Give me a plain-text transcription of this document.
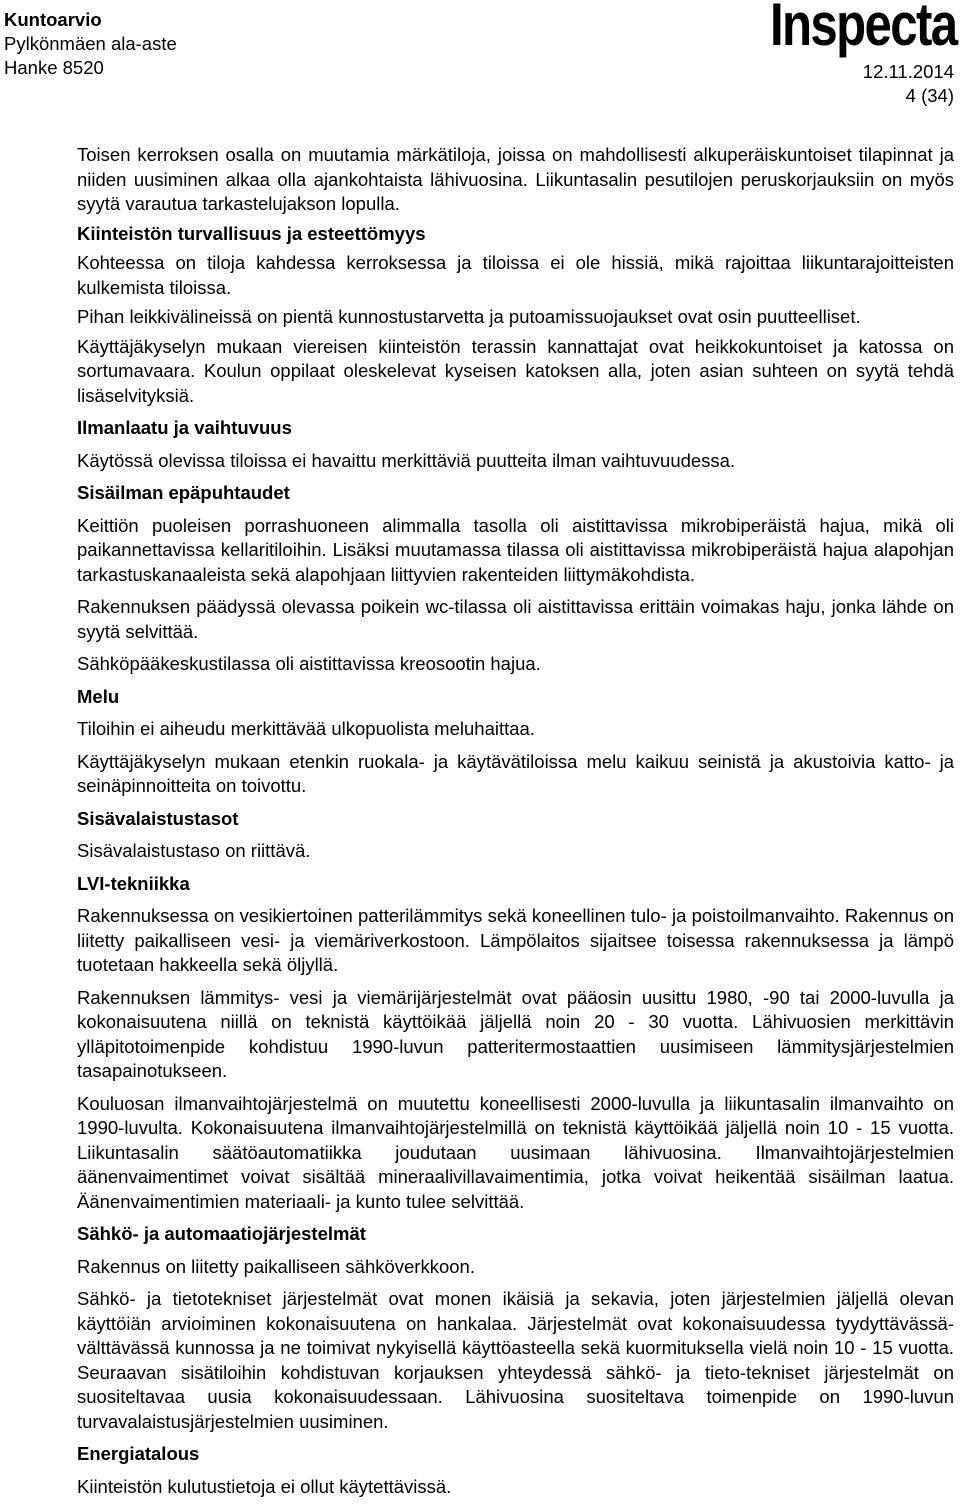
Kuntoarvio
Pylkönmäen ala-aste
Hanke 8520
Inspecta
12.11.2014
4 (34)

Toisen kerroksen osalla on muutamia märkätiloja, joissa on mahdollisesti alkuperäiskuntoiset tilapinnat ja niiden uusiminen alkaa olla ajankohtaista lähivuosina. Liikuntasalin pesutilojen peruskorjauksiin on myös syytä varautua tarkastelujakson lopulla.

Kiinteistön turvallisuus ja esteettömyys

Kohteessa on tiloja kahdessa kerroksessa ja tiloissa ei ole hissiä, mikä rajoittaa liikuntarajoitteisten kulkemista tiloissa.

Pihan leikkivälineissä on pientä kunnostustarvetta ja putoamissuojaukset ovat osin puutteelliset.

Käyttäjäkyselyn mukaan viereisen kiinteistön terassin kannattajat ovat heikkokuntoiset ja katossa on sortumavaara. Koulun oppilaat oleskelevat kyseisen katoksen alla, joten asian suhteen on syytä tehdä lisäselvityksiä.

Ilmanlaatu ja vaihtuvuus

Käytössä olevissa tiloissa ei havaittu merkittäviä puutteita ilman vaihtuvuudessa.

Sisäilman epäpuhtaudet

Keittiön puoleisen porrashuoneen alimmalla tasolla oli aistittavissa mikrobiperäistä hajua, mikä oli paikannettavissa kellaritiloihin. Lisäksi muutamassa tilassa oli aistittavissa mikrobiperäistä hajua alapohjan tarkastuskanaaleista sekä alapohjaan liittyvien rakenteiden liittymäkohdista.

Rakennuksen päädyssä olevassa poikein wc-tilassa oli aistittavissa erittäin voimakas haju, jonka lähde on syytä selvittää.

Sähköpääkeskustilassa oli aistittavissa kreosootin hajua.

Melu

Tiloihin ei aiheudu merkittävää ulkopuolista meluhaittaa.

Käyttäjäkyselyn mukaan etenkin ruokala- ja käytävätiloissa melu kaikuu seinistä ja akustoivia katto- ja seinäpinnoitteita on toivottu.

Sisävalaistustasot

Sisävalaistustaso on riittävä.

LVI-tekniikka

Rakennuksessa on vesikiertoinen patterilämmitys sekä koneellinen tulo- ja poistoilmanvaihto. Rakennus on liitetty paikalliseen vesi- ja viemäriverkostoon. Lämpölaitos sijaitsee toisessa rakennuksessa ja lämpö tuotetaan hakkeella sekä öljyllä.

Rakennuksen lämmitys- vesi ja viemärijärjestelmät ovat pääosin uusittu 1980, -90 tai 2000-luvulla ja kokonaisuutena niillä on teknistä käyttöikää jäljellä noin 20 - 30 vuotta. Lähivuosien merkittävin ylläpitotoimenpide kohdistuu 1990-luvun patteritermostaattien uusimiseen lämmitysjärjestelmien tasapainotukseen.

Kouluosan ilmanvaihtojärjestelmä on muutettu koneellisesti 2000-luvulla ja liikuntasalin ilmanvaihto on 1990-luvulta. Kokonaisuutena ilmanvaihtojärjestelmillä on teknistä käyttöikää jäljellä noin 10 - 15 vuotta. Liikuntasalin säätöautomatiikka joudutaan uusimaan lähivuosina. Ilmanvaihtojärjestelmien äänenvaimentimet voivat sisältää mineraalivillavaimentimia, jotka voivat heikentää sisäilman laatua. Äänenvaimentimien materiaali- ja kunto tulee selvittää.

Sähkö- ja automaatiojärjestelmät

Rakennus on liitetty paikalliseen sähköverkkoon.

Sähkö- ja tietotekniset järjestelmät ovat monen ikäisiä ja sekavia, joten järjestelmien jäljellä olevan käyttöiän arvioiminen kokonaisuutena on hankalaa. Järjestelmät ovat kokonaisuudessa tyydyttävässä-välttävässä kunnossa ja ne toimivat nykyisellä käyttöasteella sekä kuormituksella vielä noin 10 - 15 vuotta. Seuraavan sisätiloihin kohdistuvan korjauksen yhteydessä sähkö- ja tieto-tekniset järjestelmät on suositeltavaa uusia kokonaisuudessaan. Lähivuosina suositeltava toimenpide on 1990-luvun turvavalaistusjärjestelmien uusiminen.

Energiatalous

Kiinteistön kulutustietoja ei ollut käytettävissä.
